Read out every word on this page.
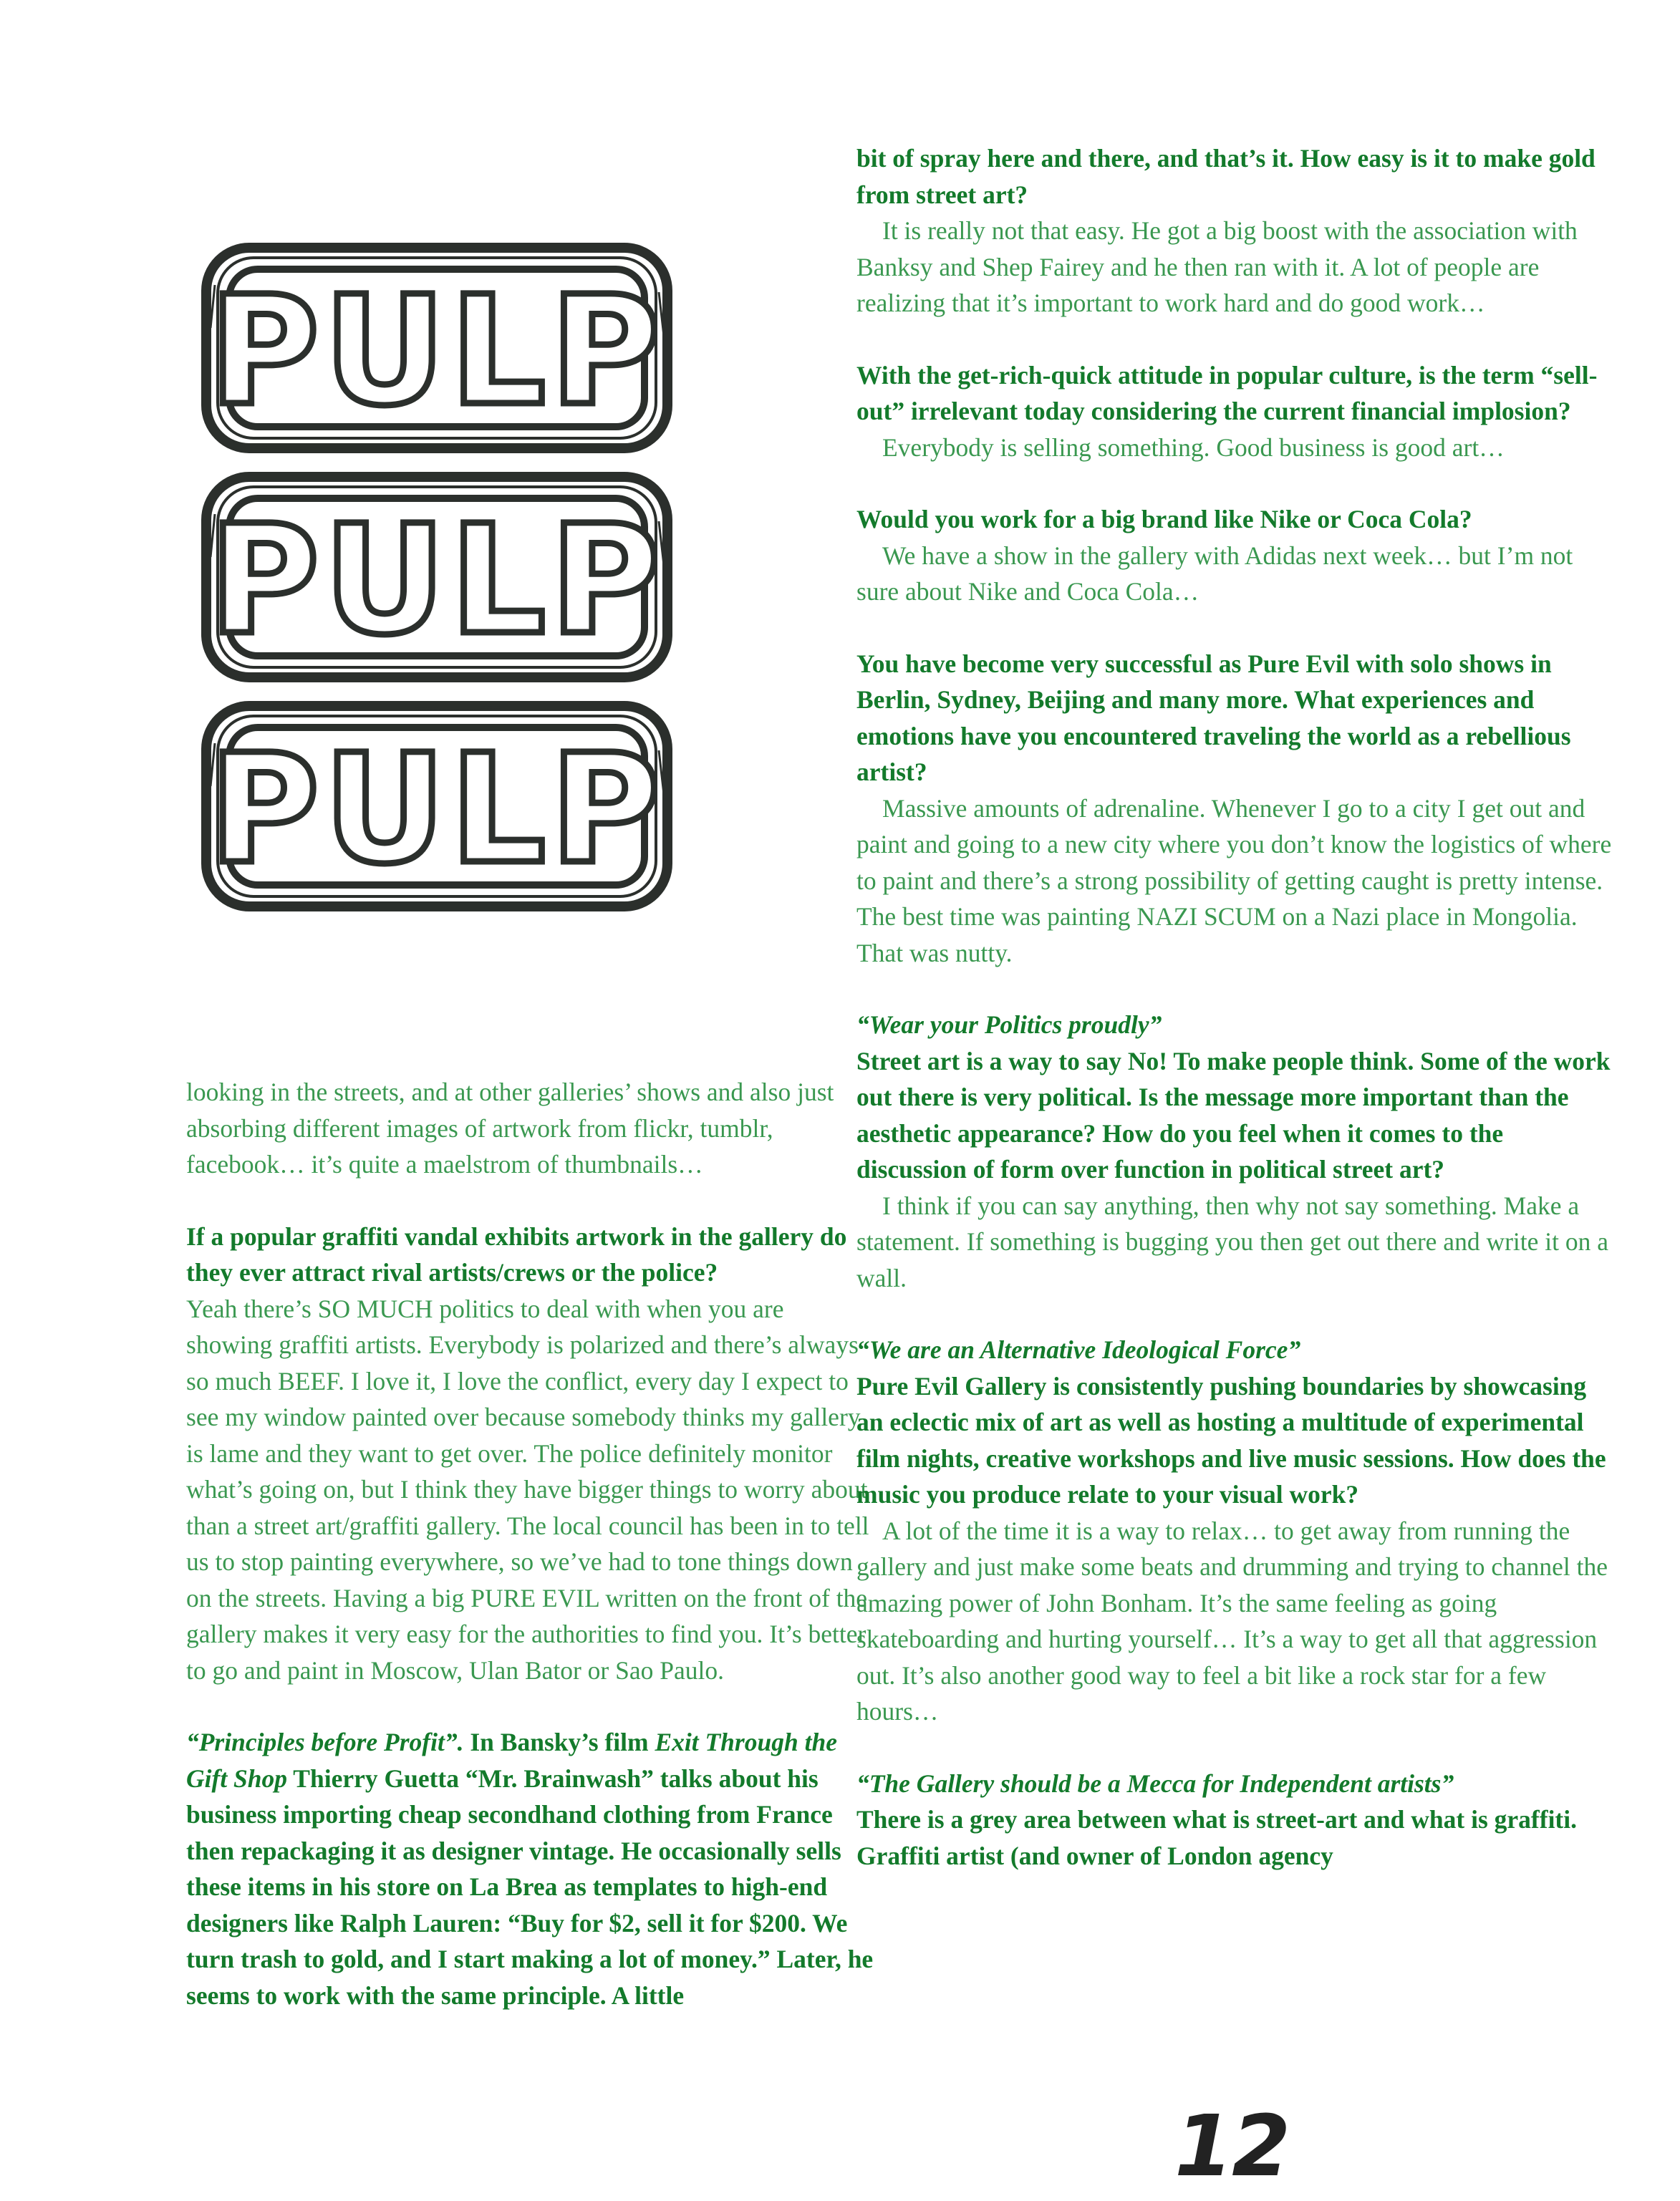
PULP
PULP
PULP

looking in the streets, and at other galleries’ shows and also just absorbing different images of artwork from flickr, tumblr, facebook… it’s quite a maelstrom of thumbnails…

If a popular graffiti vandal exhibits artwork in the gallery do they ever attract rival artists/crews or the police?

Yeah there’s SO MUCH politics to deal with when you are showing graffiti artists. Everybody is polarized and there’s always so much BEEF. I love it, I love the conflict, every day I expect to see my window painted over because somebody thinks my gallery is lame and they want to get over. The police definitely monitor what’s going on, but I think they have bigger things to worry about than a street art/graffiti gallery. The local council has been in to tell us to stop painting everywhere, so we’ve had to tone things down on the streets. Having a big PURE EVIL written on the front of the gallery makes it very easy for the authorities to find you. It’s better to go and paint in Moscow, Ulan Bator or Sao Paulo.

“Principles before Profit”. In Bansky’s film Exit Through the Gift Shop Thierry Guetta “Mr. Brainwash” talks about his business importing cheap secondhand clothing from France then repackaging it as designer vintage. He occasionally sells these items in his store on La Brea as templates to high-end designers like Ralph Lauren: “Buy for $2, sell it for $200. We turn trash to gold, and I start making a lot of money.” Later, he seems to work with the same principle. A little

bit of spray here and there, and that’s it. How easy is it to make gold from street art?

It is really not that easy. He got a big boost with the association with Banksy and Shep Fairey and he then ran with it. A lot of people are realizing that it’s important to work hard and do good work…

With the get-rich-quick attitude in popular culture, is the term “sell-out” irrelevant today considering the current financial implosion?

Everybody is selling something. Good business is good art…

Would you work for a big brand like Nike or Coca Cola?

We have a show in the gallery with Adidas next week… but I’m not sure about Nike and Coca Cola…

You have become very successful as Pure Evil with solo shows in Berlin, Sydney, Beijing and many more. What experiences and emotions have you encountered traveling the world as a rebellious artist?

Massive amounts of adrenaline. Whenever I go to a city I get out and paint and going to a new city where you don’t know the logistics of where to paint and there’s a strong possibility of getting caught is pretty intense. The best time was painting NAZI SCUM on a Nazi place in Mongolia. That was nutty.

“Wear your Politics proudly”

Street art is a way to say No! To make people think. Some of the work out there is very political. Is the message more important than the aesthetic appearance? How do you feel when it comes to the discussion of form over function in political street art?

I think if you can say anything, then why not say something. Make a statement. If something is bugging you then get out there and write it on a wall.

“We are an Alternative Ideological Force”

Pure Evil Gallery is consistently pushing boundaries by showcasing an eclectic mix of art as well as hosting a multitude of experimental film nights, creative workshops and live music sessions. How does the music you produce relate to your visual work?

A lot of the time it is a way to relax… to get away from running the gallery and just make some beats and drumming and trying to channel the amazing power of John Bonham. It’s the same feeling as going skateboarding and hurting yourself… It’s a way to get all that aggression out. It’s also another good way to feel a bit like a rock star for a few hours…

“The Gallery should be a Mecca for Independent artists”

There is a grey area between what is street-art and what is graffiti. Graffiti artist (and owner of London agency

12
